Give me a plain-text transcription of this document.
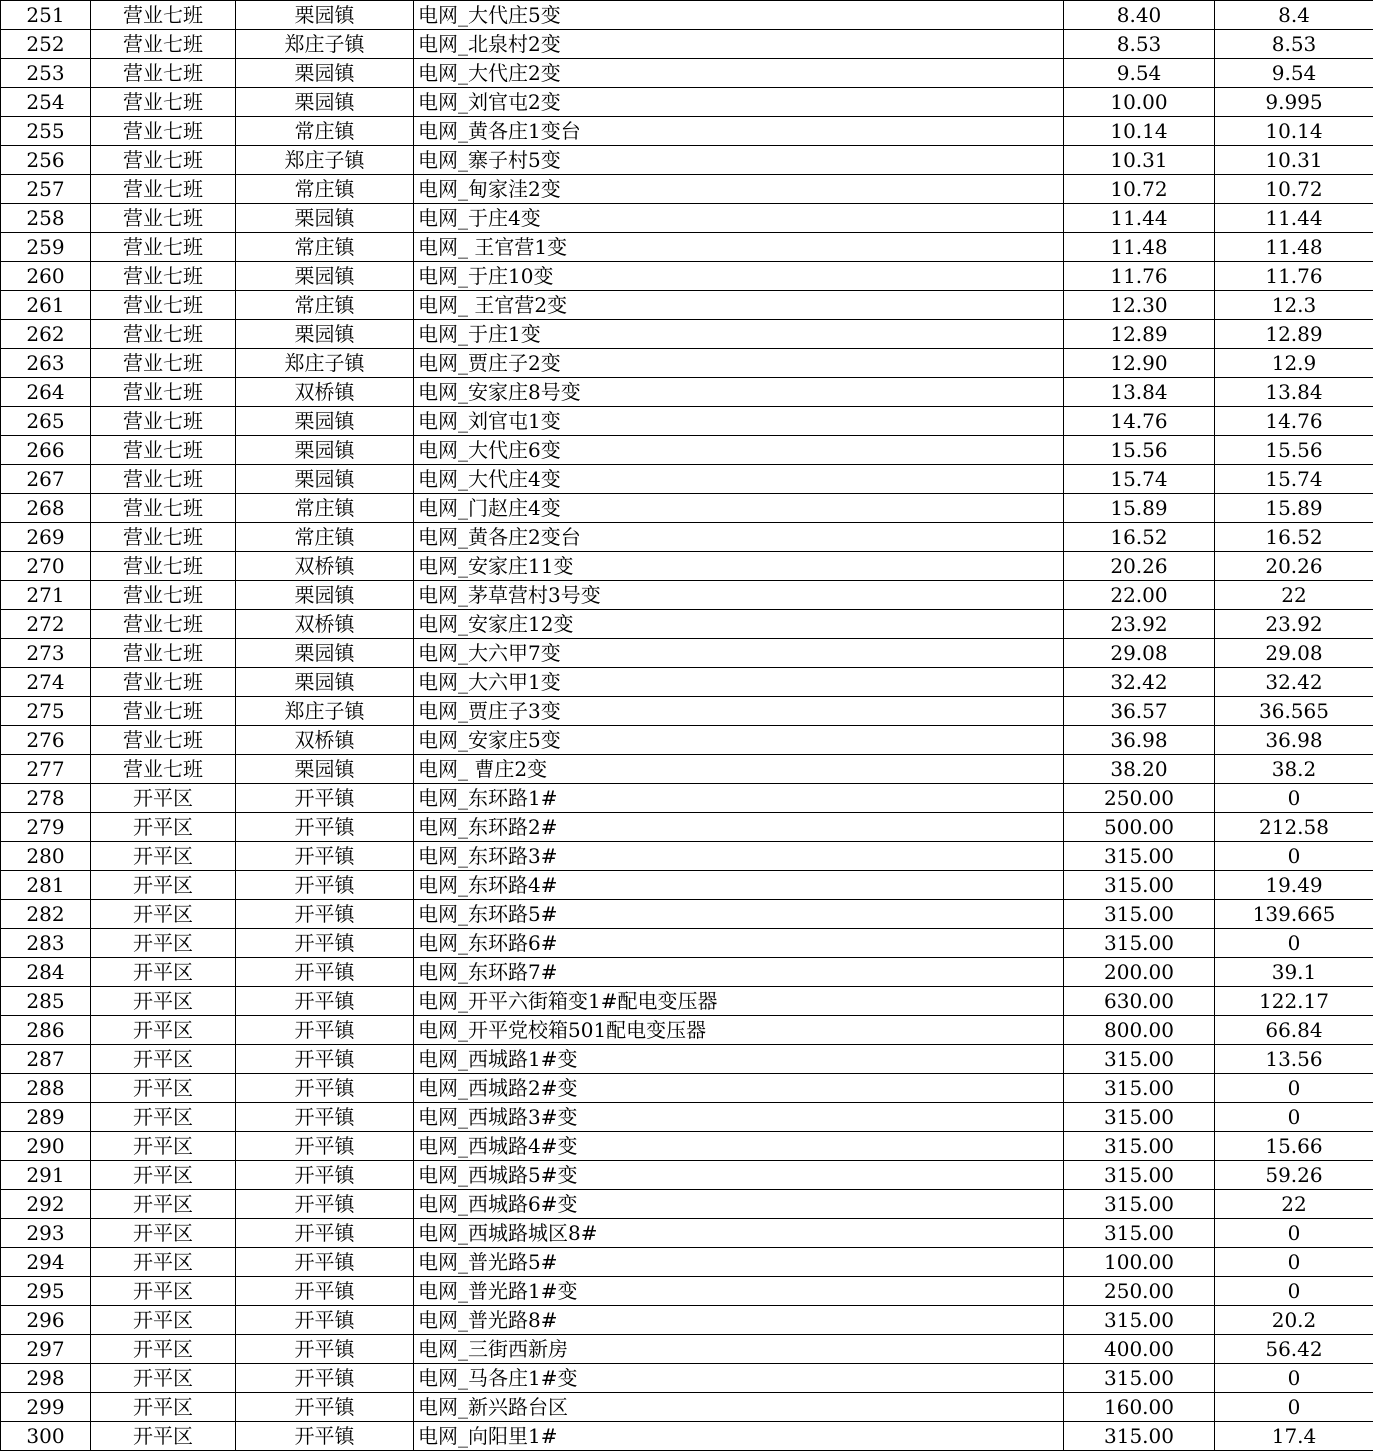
251	营业七班	栗园镇	电网_大代庄5变	8.40	8.4
252	营业七班	郑庄子镇	电网_北泉村2变	8.53	8.53
253	营业七班	栗园镇	电网_大代庄2变	9.54	9.54
254	营业七班	栗园镇	电网_刘官屯2变	10.00	9.995
255	营业七班	常庄镇	电网_黄各庄1变台	10.14	10.14
256	营业七班	郑庄子镇	电网_寨子村5变	10.31	10.31
257	营业七班	常庄镇	电网_甸家洼2变	10.72	10.72
258	营业七班	栗园镇	电网_于庄4变	11.44	11.44
259	营业七班	常庄镇	电网_ 王官营1变	11.48	11.48
260	营业七班	栗园镇	电网_于庄10变	11.76	11.76
261	营业七班	常庄镇	电网_ 王官营2变	12.30	12.3
262	营业七班	栗园镇	电网_于庄1变	12.89	12.89
263	营业七班	郑庄子镇	电网_贾庄子2变	12.90	12.9
264	营业七班	双桥镇	电网_安家庄8号变	13.84	13.84
265	营业七班	栗园镇	电网_刘官屯1变	14.76	14.76
266	营业七班	栗园镇	电网_大代庄6变	15.56	15.56
267	营业七班	栗园镇	电网_大代庄4变	15.74	15.74
268	营业七班	常庄镇	电网_门赵庄4变	15.89	15.89
269	营业七班	常庄镇	电网_黄各庄2变台	16.52	16.52
270	营业七班	双桥镇	电网_安家庄11变	20.26	20.26
271	营业七班	栗园镇	电网_茅草营村3号变	22.00	22
272	营业七班	双桥镇	电网_安家庄12变	23.92	23.92
273	营业七班	栗园镇	电网_大六甲7变	29.08	29.08
274	营业七班	栗园镇	电网_大六甲1变	32.42	32.42
275	营业七班	郑庄子镇	电网_贾庄子3变	36.57	36.565
276	营业七班	双桥镇	电网_安家庄5变	36.98	36.98
277	营业七班	栗园镇	电网_ 曹庄2变	38.20	38.2
278	开平区	开平镇	电网_东环路1#	250.00	0
279	开平区	开平镇	电网_东环路2#	500.00	212.58
280	开平区	开平镇	电网_东环路3#	315.00	0
281	开平区	开平镇	电网_东环路4#	315.00	19.49
282	开平区	开平镇	电网_东环路5#	315.00	139.665
283	开平区	开平镇	电网_东环路6#	315.00	0
284	开平区	开平镇	电网_东环路7#	200.00	39.1
285	开平区	开平镇	电网_开平六街箱变1#配电变压器	630.00	122.17
286	开平区	开平镇	电网_开平党校箱501配电变压器	800.00	66.84
287	开平区	开平镇	电网_西城路1#变	315.00	13.56
288	开平区	开平镇	电网_西城路2#变	315.00	0
289	开平区	开平镇	电网_西城路3#变	315.00	0
290	开平区	开平镇	电网_西城路4#变	315.00	15.66
291	开平区	开平镇	电网_西城路5#变	315.00	59.26
292	开平区	开平镇	电网_西城路6#变	315.00	22
293	开平区	开平镇	电网_西城路城区8#	315.00	0
294	开平区	开平镇	电网_普光路5#	100.00	0
295	开平区	开平镇	电网_普光路1#变	250.00	0
296	开平区	开平镇	电网_普光路8#	315.00	20.2
297	开平区	开平镇	电网_三街西新房	400.00	56.42
298	开平区	开平镇	电网_马各庄1#变	315.00	0
299	开平区	开平镇	电网_新兴路台区	160.00	0
300	开平区	开平镇	电网_向阳里1#	315.00	17.4
